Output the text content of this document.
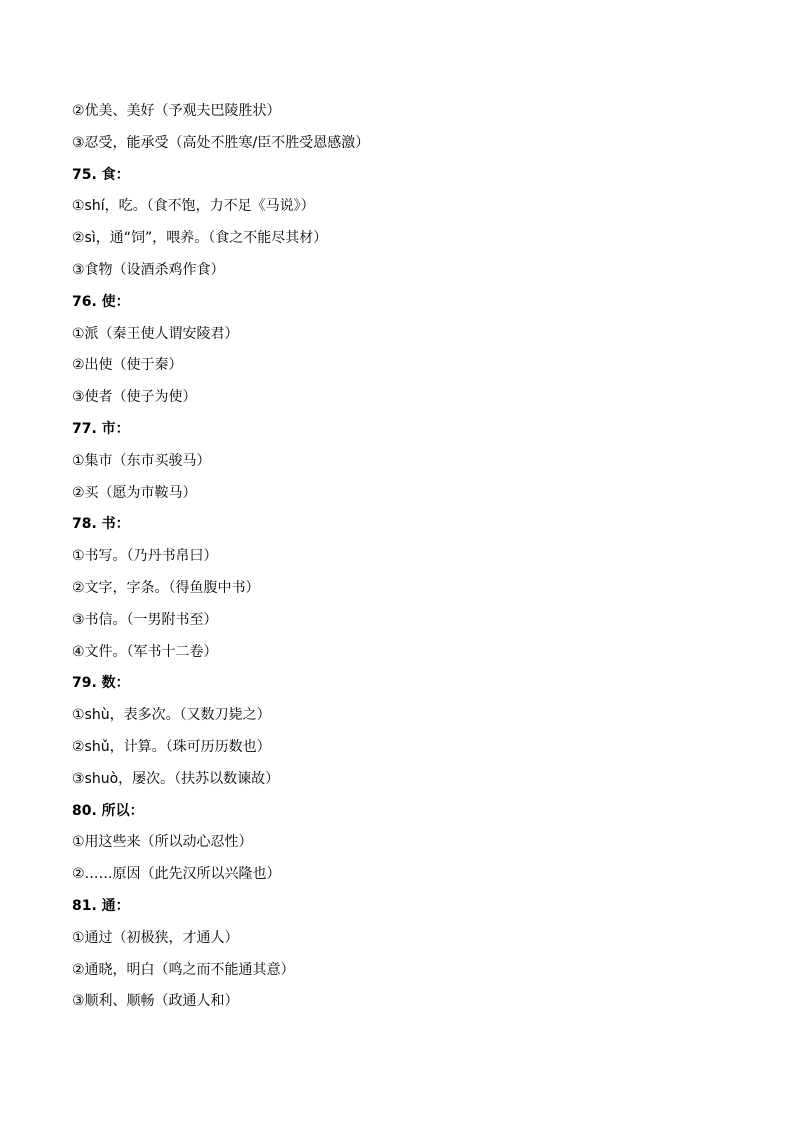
②优美、美好（予观夫巴陵胜状）
③忍受，能承受（高处不胜寒/臣不胜受恩感激）
75. 食：
①shí，吃。（食不饱，力不足《马说》）
②sì，通“饲”，喂养。（食之不能尽其材）
③食物（设酒杀鸡作食）
76. 使：
①派（秦王使人谓安陵君）
②出使（使于秦）
③使者（使子为使）
77. 市：
①集市（东市买骏马）
②买（愿为市鞍马）
78. 书：
①书写。（乃丹书帛曰）
②文字，字条。（得鱼腹中书）
③书信。（一男附书至）
④文件。（军书十二卷）
79. 数：
①shù，表多次。（又数刀毙之）
②shǔ，计算。（珠可历历数也）
③shuò，屡次。（扶苏以数谏故）
80. 所以：
①用这些来（所以动心忍性）
②……原因（此先汉所以兴隆也）
81. 通：
①通过（初极狭，才通人）
②通晓，明白（鸣之而不能通其意）
③顺利、顺畅（政通人和）
